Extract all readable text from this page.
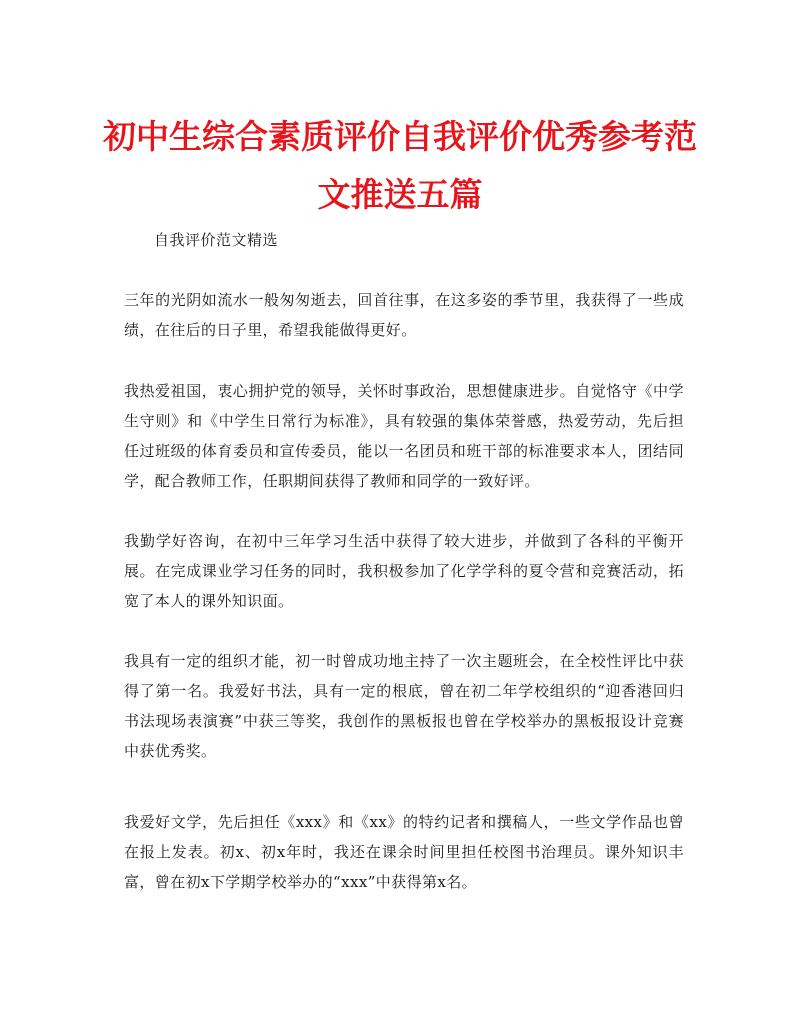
初中生综合素质评价自我评价优秀参考范文推送五篇

自我评价范文精选

三年的光阴如流水一般匆匆逝去，回首往事，在这多姿的季节里，我获得了一些成绩，在往后的日子里，希望我能做得更好。

我热爱祖国，衷心拥护党的领导，关怀时事政治，思想健康进步。自觉恪守《中学生守则》和《中学生日常行为标准》，具有较强的集体荣誉感，热爱劳动，先后担任过班级的体育委员和宣传委员，能以一名团员和班干部的标准要求本人，团结同学，配合教师工作，任职期间获得了教师和同学的一致好评。

我勤学好咨询，在初中三年学习生活中获得了较大进步，并做到了各科的平衡开展。在完成课业学习任务的同时，我积极参加了化学学科的夏令营和竞赛活动，拓宽了本人的课外知识面。

我具有一定的组织才能，初一时曾成功地主持了一次主题班会，在全校性评比中获得了第一名。我爱好书法，具有一定的根底，曾在初二年学校组织的“迎香港回归书法现场表演赛”中获三等奖，我创作的黑板报也曾在学校举办的黑板报设计竞赛中获优秀奖。

我爱好文学，先后担任《xxx》和《xx》的特约记者和撰稿人，一些文学作品也曾在报上发表。初x、初x年时，我还在课余时间里担任校图书治理员。课外知识丰富，曾在初x下学期学校举办的“xxx”中获得第x名。
